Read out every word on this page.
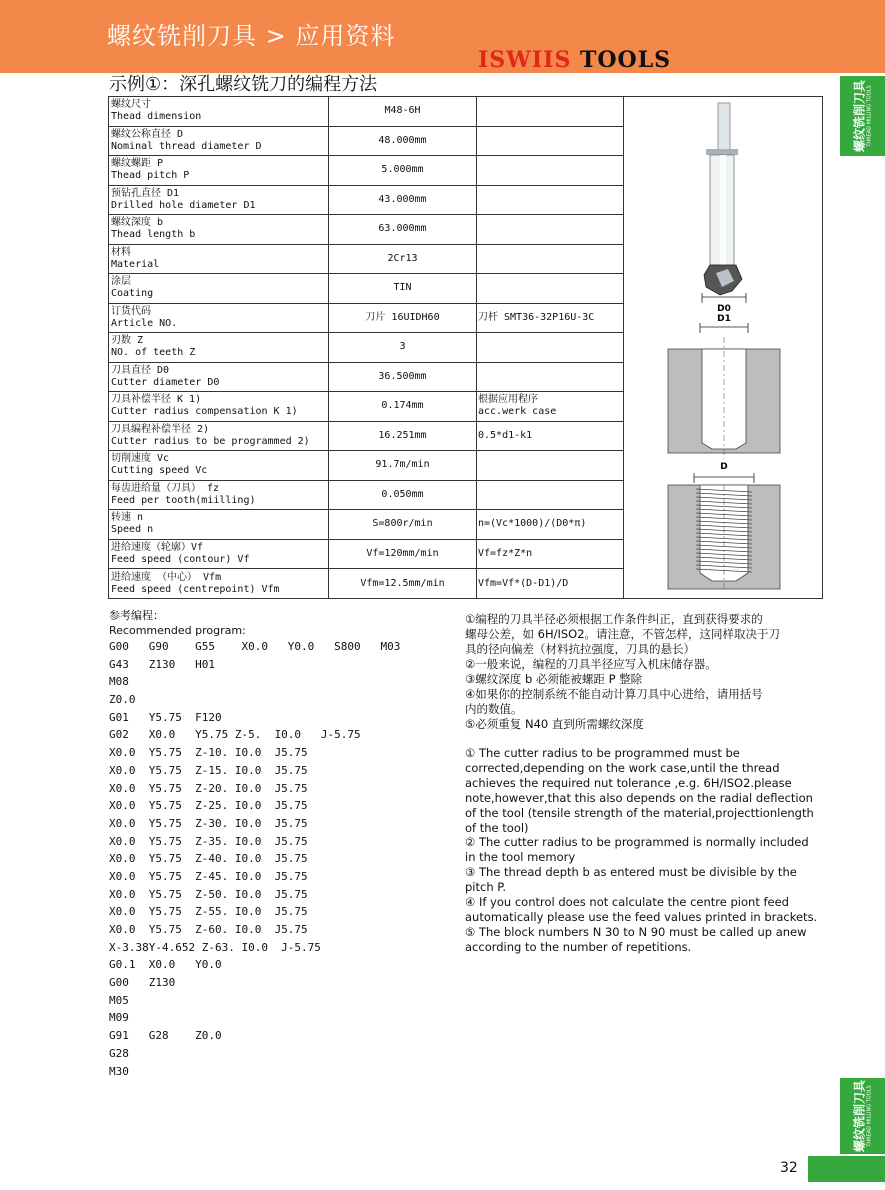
螺纹铣削刀具 > 应用资料
ISWIIS TOOLS
示例①：深孔螺纹铣刀的编程方法	螺纹铣削刀具 THREAD MILLING TOOLS
螺纹铣削刀具 THREAD MILLING TOOLS
螺纹尺寸
Thead dimension	M48-6H		D0
D1
D

螺纹公称直径 D
Nominal thread diameter D	48.000mm		

螺纹螺距 P
Thead pitch P	5.000mm		

预钻孔直径 D1
Drilled hole diameter D1	43.000mm		

螺纹深度 b
Thead length b	63.000mm		

材料
Material	2Cr13		

涂层
Coating	TIN		

订货代码
Article NO.	刀片 16UIDH60	刀杆 SMT36-32P16U-3C	

刃数 Z
NO. of teeth Z	3		

刀具直径 D0
Cutter diameter D0	36.500mm		

刀具补偿半径 K 1)
Cutter radius compensation K 1)	0.174mm	根据应用程序
acc.werk case	

刀具编程补偿半径 2)
Cutter radius to be programmed 2)	16.251mm	0.5*d1-k1	

切削速度 Vc
Cutting speed Vc	91.7m/min		

每齿进给量（刀具） fz
Feed per tooth(miilling)	0.050mm		

转速 n
Speed n	S=800r/min	n=(Vc*1000)/(D0*π)	

进给速度（轮廓）Vf
Feed speed (contour) Vf	Vf=120mm/min	Vf=fz*Z*n	

进给速度 （中心） Vfm
Feed speed (centrepoint) Vfm	Vfm=12.5mm/min	Vfm=Vf*(D-D1)/D	
参考编程：
Recommended program:
G00   G90    G55    X0.0   Y0.0   S800   M03
G43   Z130   H01
M08
Z0.0
G01   Y5.75  F120
G02   X0.0   Y5.75 Z-5.  I0.0   J-5.75
X0.0  Y5.75  Z-10. I0.0  J5.75
X0.0  Y5.75  Z-15. I0.0  J5.75
X0.0  Y5.75  Z-20. I0.0  J5.75
X0.0  Y5.75  Z-25. I0.0  J5.75
X0.0  Y5.75  Z-30. I0.0  J5.75
X0.0  Y5.75  Z-35. I0.0  J5.75
X0.0  Y5.75  Z-40. I0.0  J5.75
X0.0  Y5.75  Z-45. I0.0  J5.75
X0.0  Y5.75  Z-50. I0.0  J5.75
X0.0  Y5.75  Z-55. I0.0  J5.75
X0.0  Y5.75  Z-60. I0.0  J5.75
X-3.38Y-4.652 Z-63. I0.0  J-5.75
G0.1  X0.0   Y0.0
G00   Z130
M05
M09
G91   G28    Z0.0
G28
M30
①编程的刀具半径必须根据工作条件纠正，直到获得要求的
螺母公差，如 6H/ISO2。请注意，不管怎样，这同样取决于刀
具的径向偏差（材料抗拉强度，刀具的悬长）
②一般来说，编程的刀具半径应写入机床储存器。
③螺纹深度 b 必须能被螺距 P 整除
④如果你的控制系统不能自动计算刀具中心进给，请用括号
内的数值。
⑤必须重复 N40 直到所需螺纹深度
① The cutter radius to be programmed must be
corrected,depending on the work case,until the thread
achieves the required nut tolerance ,e.g. 6H/ISO2.please
note,however,that this also depends on the radial deflection
of the tool (tensile strength of the material,projecttionlength
of the tool)
② The cutter radius to be programmed is normally included
in the tool memory
③ The thread depth b as entered must be divisible by the
pitch P.
④ If you control does not calculate the centre piont feed
automatically please use the feed values printed in brackets.
⑤ The block numbers N 30 to N 90 must be called up anew
according to the number of repetitions.
32
